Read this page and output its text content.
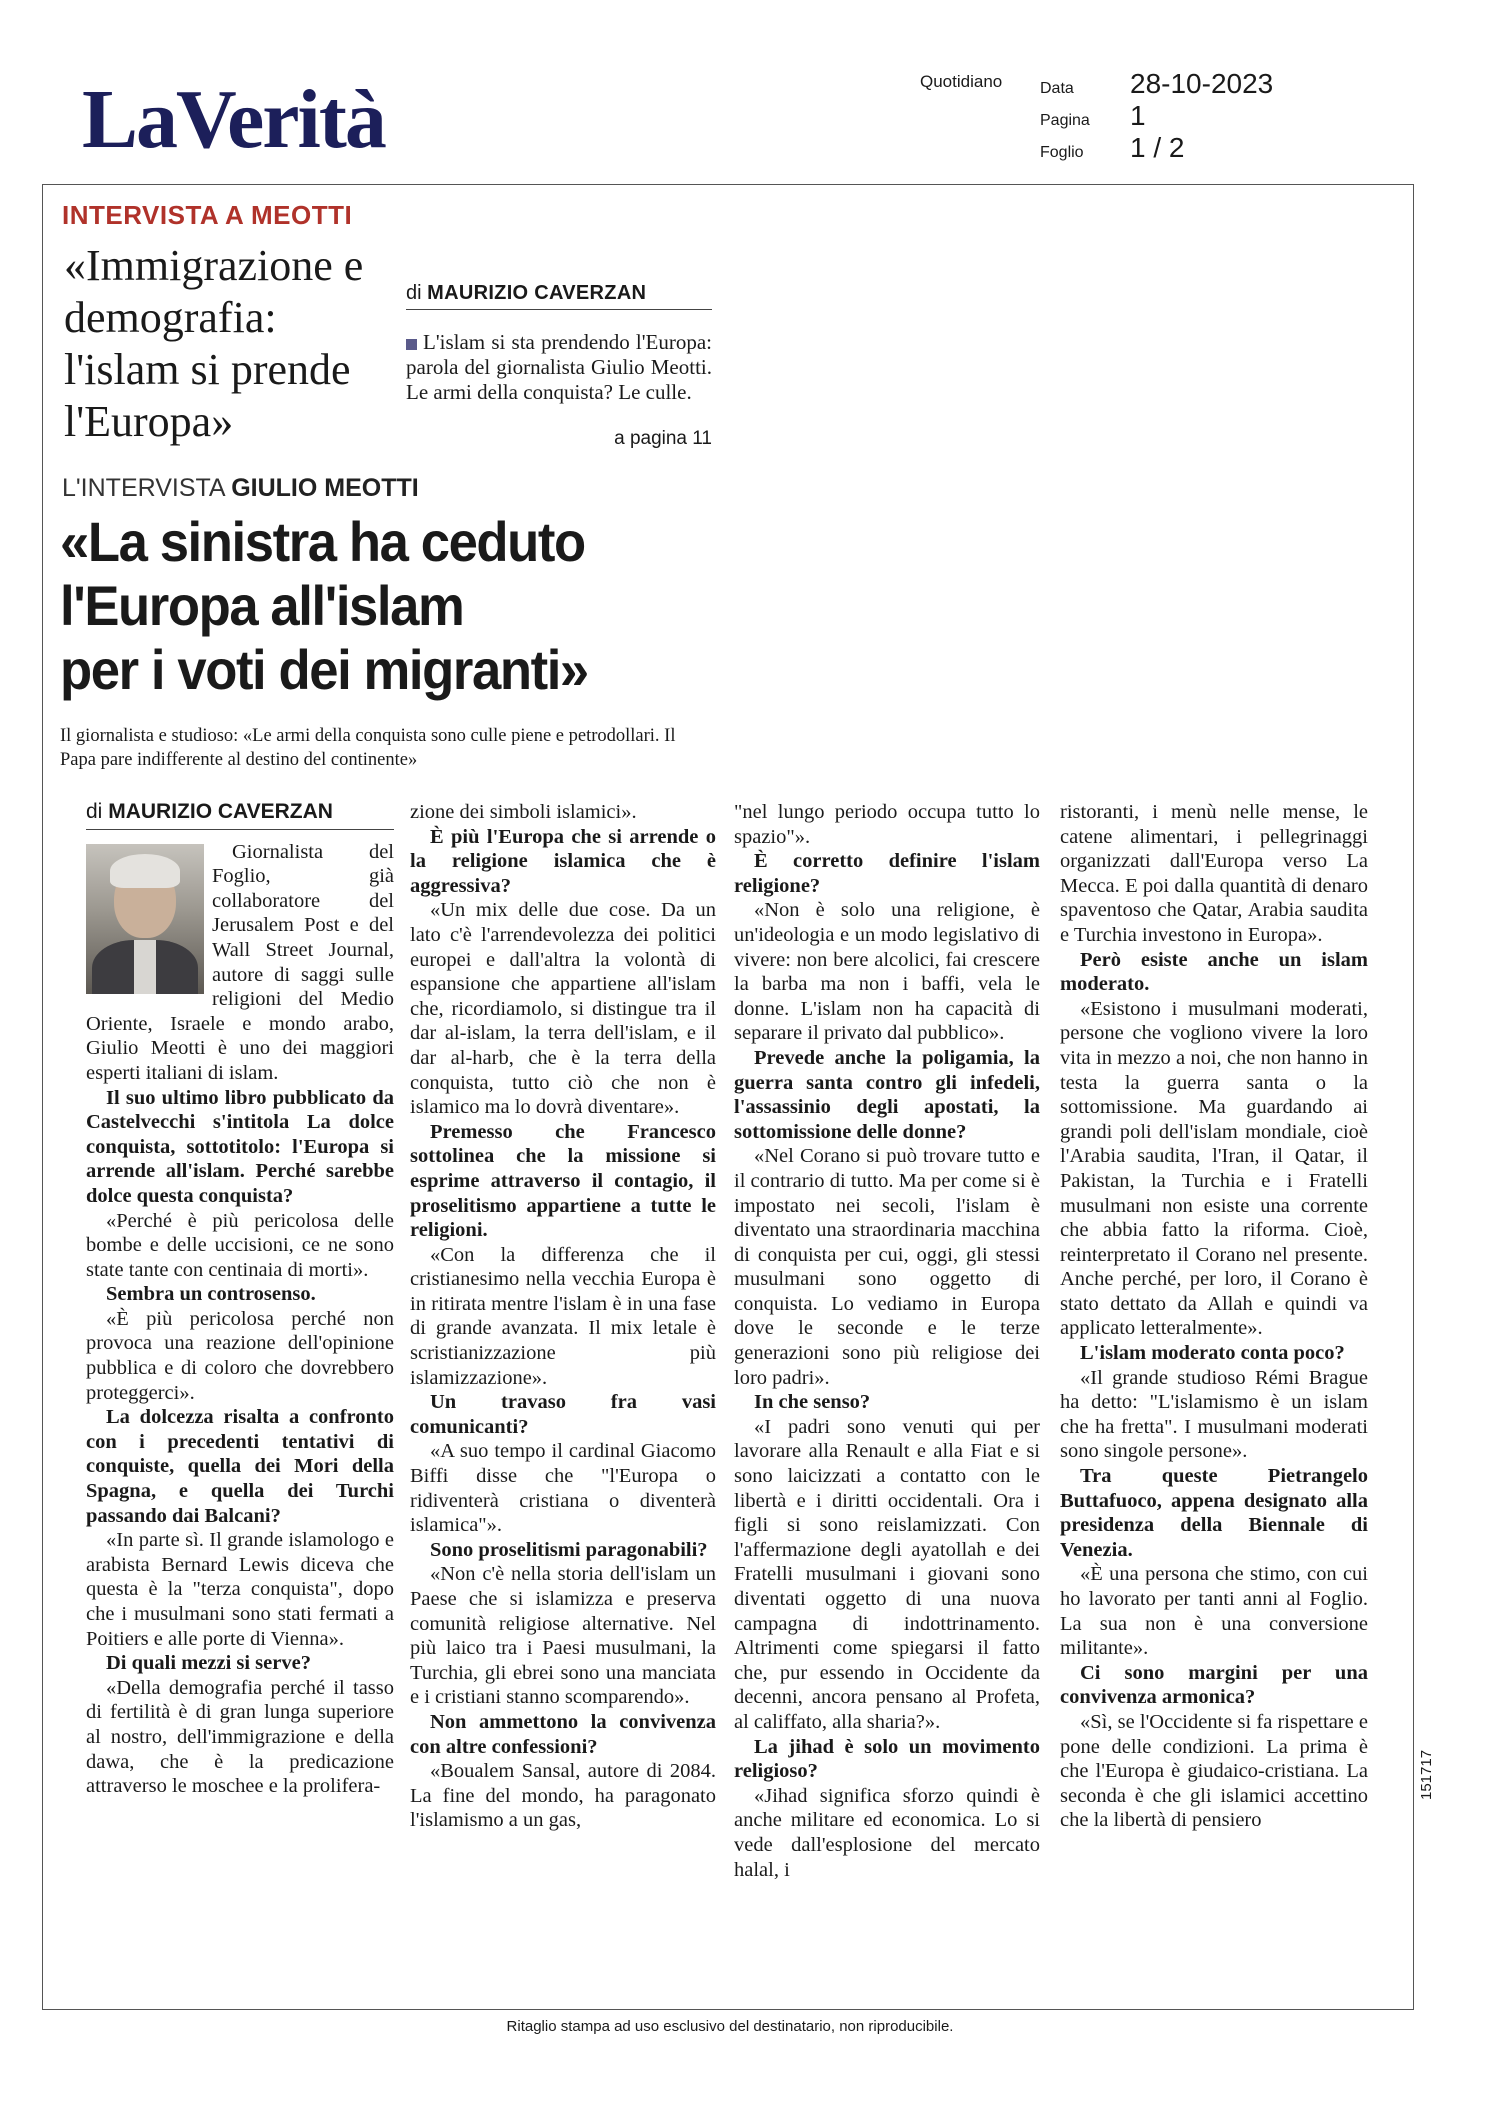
LaVerità	Quotidiano Data	28-10-2023
Pagina	1
Foglio	1 / 2
INTERVISTA A MEOTTI
«Immigrazione e demografia: l'islam si prende l'Europa»
di MAURIZIO CAVERZAN
L'islam si sta prendendo l'Europa: parola del giornalista Giulio Meotti. Le armi della conquista? Le culle.
a pagina 11
L'INTERVISTA GIULIO MEOTTI
«La sinistra ha ceduto
l'Europa all'islam
per i voti dei migranti»
Il giornalista e studioso: «Le armi della conquista sono culle piene e petrodollari. Il Papa pare indifferente al destino del continente»
di MAURIZIO CAVERZAN

Giornalista del Foglio, già collaboratore del Jerusalem Post e del Wall Street Journal, autore di saggi sulle religioni del Medio Oriente, Israele e mondo arabo, Giulio Meotti è uno dei maggiori esperti italiani di islam.

Il suo ultimo libro pubblicato da Castelvecchi s'intitola La dolce conquista, sottotitolo: l'Europa si arrende all'islam. Perché sarebbe dolce questa conquista?

«Perché è più pericolosa delle bombe e delle uccisioni, ce ne sono state tante con centinaia di morti».

Sembra un controsenso.

«È più pericolosa perché non provoca una reazione dell'opinione pubblica e di coloro che dovrebbero proteggerci».

La dolcezza risalta a confronto con i precedenti tentativi di conquiste, quella dei Mori della Spagna, e quella dei Turchi passando dai Balcani?

«In parte sì. Il grande islamologo e arabista Bernard Lewis diceva che questa è la "terza conquista", dopo che i musulmani sono stati fermati a Poitiers e alle porte di Vienna».

Di quali mezzi si serve?

«Della demografia perché il tasso di fertilità è di gran lunga superiore al nostro, dell'immigrazione e della dawa, che è la predicazione attraverso le moschee e la prolifera-

zione dei simboli islamici».

È più l'Europa che si arrende o la religione islamica che è aggressiva?

«Un mix delle due cose. Da un lato c'è l'arrendevolezza dei politici europei e dall'altra la volontà di espansione che appartiene all'islam che, ricordiamolo, si distingue tra il dar al-islam, la terra dell'islam, e il dar al-harb, che è la terra della conquista, tutto ciò che non è islamico ma lo dovrà diventare».

Premesso che Francesco sottolinea che la missione si esprime attraverso il contagio, il proselitismo appartiene a tutte le religioni.

«Con la differenza che il cristianesimo nella vecchia Europa è in ritirata mentre l'islam è in una fase di grande avanzata. Il mix letale è scristianizzazione più islamizzazione».

Un travaso fra vasi comunicanti?

«A suo tempo il cardinal Giacomo Biffi disse che "l'Europa o ridiventerà cristiana o diventerà islamica"».

Sono proselitismi paragonabili?

«Non c'è nella storia dell'islam un Paese che si islamizza e preserva comunità religiose alternative. Nel più laico tra i Paesi musulmani, la Turchia, gli ebrei sono una manciata e i cristiani stanno scomparendo».

Non ammettono la convivenza con altre confessioni?

«Boualem Sansal, autore di 2084. La fine del mondo, ha paragonato l'islamismo a un gas,

"nel lungo periodo occupa tutto lo spazio"».

È corretto definire l'islam religione?

«Non è solo una religione, è un'ideologia e un modo legislativo di vivere: non bere alcolici, fai crescere la barba ma non i baffi, vela le donne. L'islam non ha capacità di separare il privato dal pubblico».

Prevede anche la poligamia, la guerra santa contro gli infedeli, l'assassinio degli apostati, la sottomissione delle donne?

«Nel Corano si può trovare tutto e il contrario di tutto. Ma per come si è impostato nei secoli, l'islam è diventato una straordinaria macchina di conquista per cui, oggi, gli stessi musulmani sono oggetto di conquista. Lo vediamo in Europa dove le seconde e le terze generazioni sono più religiose dei loro padri».

In che senso?

«I padri sono venuti qui per lavorare alla Renault e alla Fiat e si sono laicizzati a contatto con le libertà e i diritti occidentali. Ora i figli si sono reislamizzati. Con l'affermazione degli ayatollah e dei Fratelli musulmani i giovani sono diventati oggetto di una nuova campagna di indottrinamento. Altrimenti come spiegarsi il fatto che, pur essendo in Occidente da decenni, ancora pensano al Profeta, al califfato, alla sharia?».

La jihad è solo un movimento religioso?

«Jihad significa sforzo quindi è anche militare ed economica. Lo si vede dall'esplosione del mercato halal, i

ristoranti, i menù nelle mense, le catene alimentari, i pellegrinaggi organizzati dall'Europa verso La Mecca. E poi dalla quantità di denaro spaventoso che Qatar, Arabia saudita e Turchia investono in Europa».

Però esiste anche un islam moderato.

«Esistono i musulmani moderati, persone che vogliono vivere la loro vita in mezzo a noi, che non hanno in testa la guerra santa o la sottomissione. Ma guardando ai grandi poli dell'islam mondiale, cioè l'Arabia saudita, l'Iran, il Qatar, il Pakistan, la Turchia e i Fratelli musulmani non esiste una corrente che abbia fatto la riforma. Cioè, reinterpretato il Corano nel presente. Anche perché, per loro, il Corano è stato dettato da Allah e quindi va applicato letteralmente».

L'islam moderato conta poco?

«Il grande studioso Rémi Brague ha detto: "L'islamismo è un islam che ha fretta". I musulmani moderati sono singole persone».

Tra queste Pietrangelo Buttafuoco, appena designato alla presidenza della Biennale di Venezia.

«È una persona che stimo, con cui ho lavorato per tanti anni al Foglio. La sua non è una conversione militante».

Ci sono margini per una convivenza armonica?

«Sì, se l'Occidente si fa rispettare e pone delle condizioni. La prima è che l'Europa è giudaico-cristiana. La seconda è che gli islamici accettino che la libertà di pensiero

151717
Ritaglio stampa ad uso esclusivo del destinatario, non riproducibile.
